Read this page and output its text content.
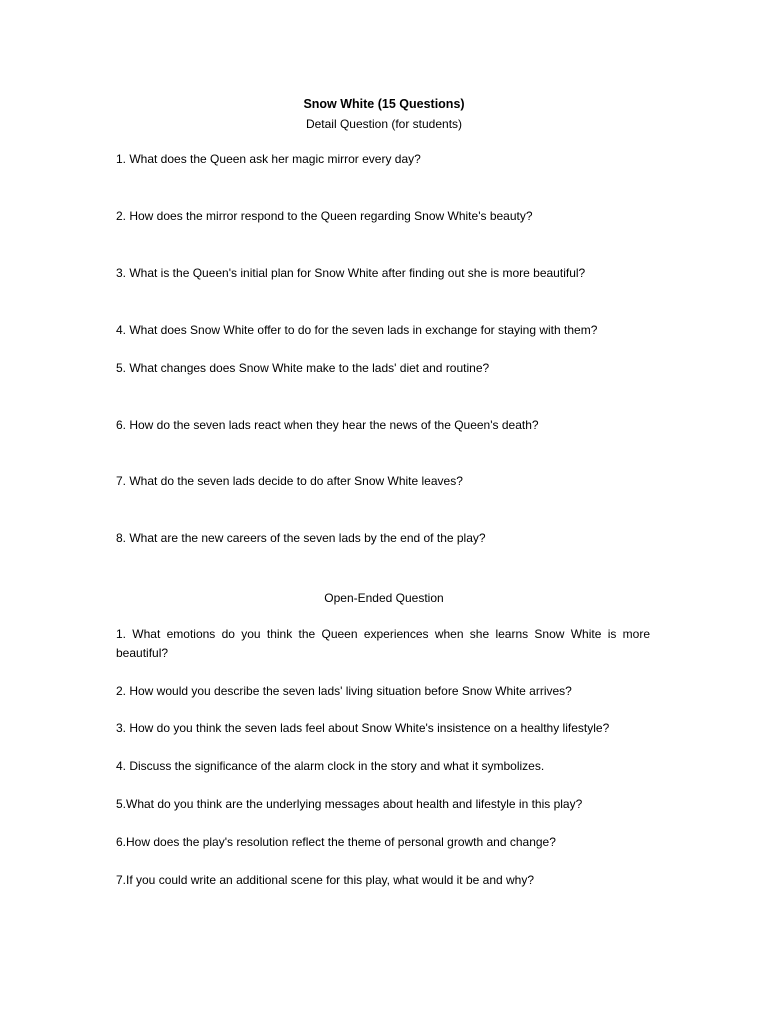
Snow White (15 Questions)
Detail Question (for students)

1. What does the Queen ask her magic mirror every day?

2. How does the mirror respond to the Queen regarding Snow White's beauty?

3. What is the Queen's initial plan for Snow White after finding out she is more beautiful?

4. What does Snow White offer to do for the seven lads in exchange for staying with them?

5. What changes does Snow White make to the lads' diet and routine?

6. How do the seven lads react when they hear the news of the Queen's death?

7. What do the seven lads decide to do after Snow White leaves?

8. What are the new careers of the seven lads by the end of the play?

Open-Ended Question

1. What emotions do you think the Queen experiences when she learns Snow White is more beautiful?

2. How would you describe the seven lads' living situation before Snow White arrives?

3. How do you think the seven lads feel about Snow White's insistence on a healthy lifestyle?

4. Discuss the significance of the alarm clock in the story and what it symbolizes.

5.What do you think are the underlying messages about health and lifestyle in this play?

6.How does the play's resolution reflect the theme of personal growth and change?

7.If you could write an additional scene for this play, what would it be and why?
